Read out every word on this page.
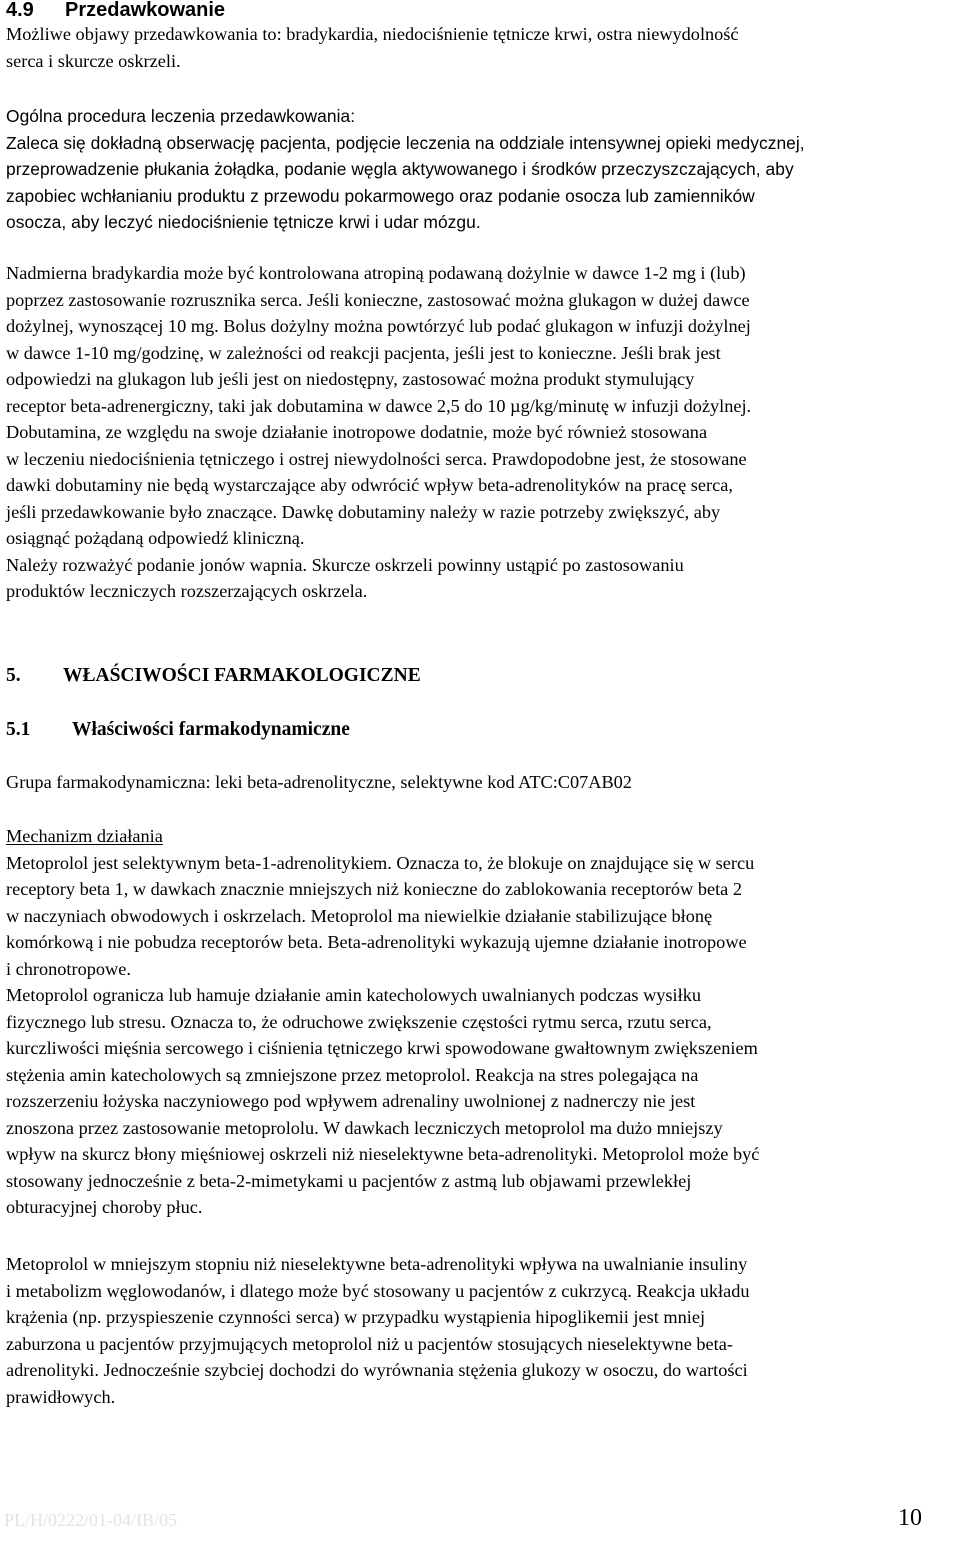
4.9 Przedawkowanie
Możliwe objawy przedawkowania to: bradykardia, niedociśnienie tętnicze krwi, ostra niewydolność
serca i skurcze oskrzeli.
Ogólna procedura leczenia przedawkowania:
Zaleca się dokładną obserwację pacjenta, podjęcie leczenia na oddziale intensywnej opieki medycznej,
przeprowadzenie płukania żołądka, podanie węgla aktywowanego i środków przeczyszczających, aby
zapobiec wchłanianiu produktu z przewodu pokarmowego oraz podanie osocza lub zamienników
osocza, aby leczyć niedociśnienie tętnicze krwi i udar mózgu.
Nadmierna bradykardia może być kontrolowana atropiną podawaną dożylnie w dawce 1-2 mg i (lub)
poprzez zastosowanie rozrusznika serca. Jeśli konieczne, zastosować można glukagon w dużej dawce
dożylnej, wynoszącej 10 mg. Bolus dożylny można powtórzyć lub podać glukagon w infuzji dożylnej
w dawce 1-10 mg/godzinę, w zależności od reakcji pacjenta, jeśli jest to konieczne. Jeśli brak jest
odpowiedzi na glukagon lub jeśli jest on niedostępny, zastosować można produkt stymulujący
receptor beta-adrenergiczny, taki jak dobutamina w dawce 2,5 do 10 µg/kg/minutę w infuzji dożylnej.
Dobutamina, ze względu na swoje działanie inotropowe dodatnie, może być również stosowana
w leczeniu niedociśnienia tętniczego i ostrej niewydolności serca. Prawdopodobne jest, że stosowane
dawki dobutaminy nie będą wystarczające aby odwrócić wpływ beta-adrenolityków na pracę serca,
jeśli przedawkowanie było znaczące. Dawkę dobutaminy należy w razie potrzeby zwiększyć, aby
osiągnąć pożądaną odpowiedź kliniczną.
Należy rozważyć podanie jonów wapnia. Skurcze oskrzeli powinny ustąpić po zastosowaniu
produktów leczniczych rozszerzających oskrzela.
5. WŁAŚCIWOŚCI FARMAKOLOGICZNE
5.1 Właściwości farmakodynamiczne
Grupa farmakodynamiczna: leki beta-adrenolityczne, selektywne kod ATC:C07AB02
Mechanizm działania
Metoprolol jest selektywnym beta-1-adrenolitykiem. Oznacza to, że blokuje on znajdujące się w sercu
receptory beta 1, w dawkach znacznie mniejszych niż konieczne do zablokowania receptorów beta 2
w naczyniach obwodowych i oskrzelach. Metoprolol ma niewielkie działanie stabilizujące błonę
komórkową i nie pobudza receptorów beta. Beta-adrenolityki wykazują ujemne działanie inotropowe
i chronotropowe.
Metoprolol ogranicza lub hamuje działanie amin katecholowych uwalnianych podczas wysiłku
fizycznego lub stresu. Oznacza to, że odruchowe zwiększenie częstości rytmu serca, rzutu serca,
kurczliwości mięśnia sercowego i ciśnienia tętniczego krwi spowodowane gwałtownym zwiększeniem
stężenia amin katecholowych są zmniejszone przez metoprolol. Reakcja na stres polegająca na
rozszerzeniu łożyska naczyniowego pod wpływem adrenaliny uwolnionej z nadnerczy nie jest
znoszona przez zastosowanie metoprololu. W dawkach leczniczych metoprolol ma dużo mniejszy
wpływ na skurcz błony mięśniowej oskrzeli niż nieselektywne beta-adrenolityki. Metoprolol może być
stosowany jednocześnie z beta-2-mimetykami u pacjentów z astmą lub objawami przewlekłej
obturacyjnej choroby płuc.
Metoprolol w mniejszym stopniu niż nieselektywne beta-adrenolityki wpływa na uwalnianie insuliny
i metabolizm węglowodanów, i dlatego może być stosowany u pacjentów z cukrzycą. Reakcja układu
krążenia (np. przyspieszenie czynności serca) w przypadku wystąpienia hipoglikemii jest mniej
zaburzona u pacjentów przyjmujących metoprolol niż u pacjentów stosujących nieselektywne beta-
adrenolityki. Jednocześnie szybciej dochodzi do wyrównania stężenia glukozy w osoczu, do wartości
prawidłowych.
PL/H/0222/01-04/IB/05	10
